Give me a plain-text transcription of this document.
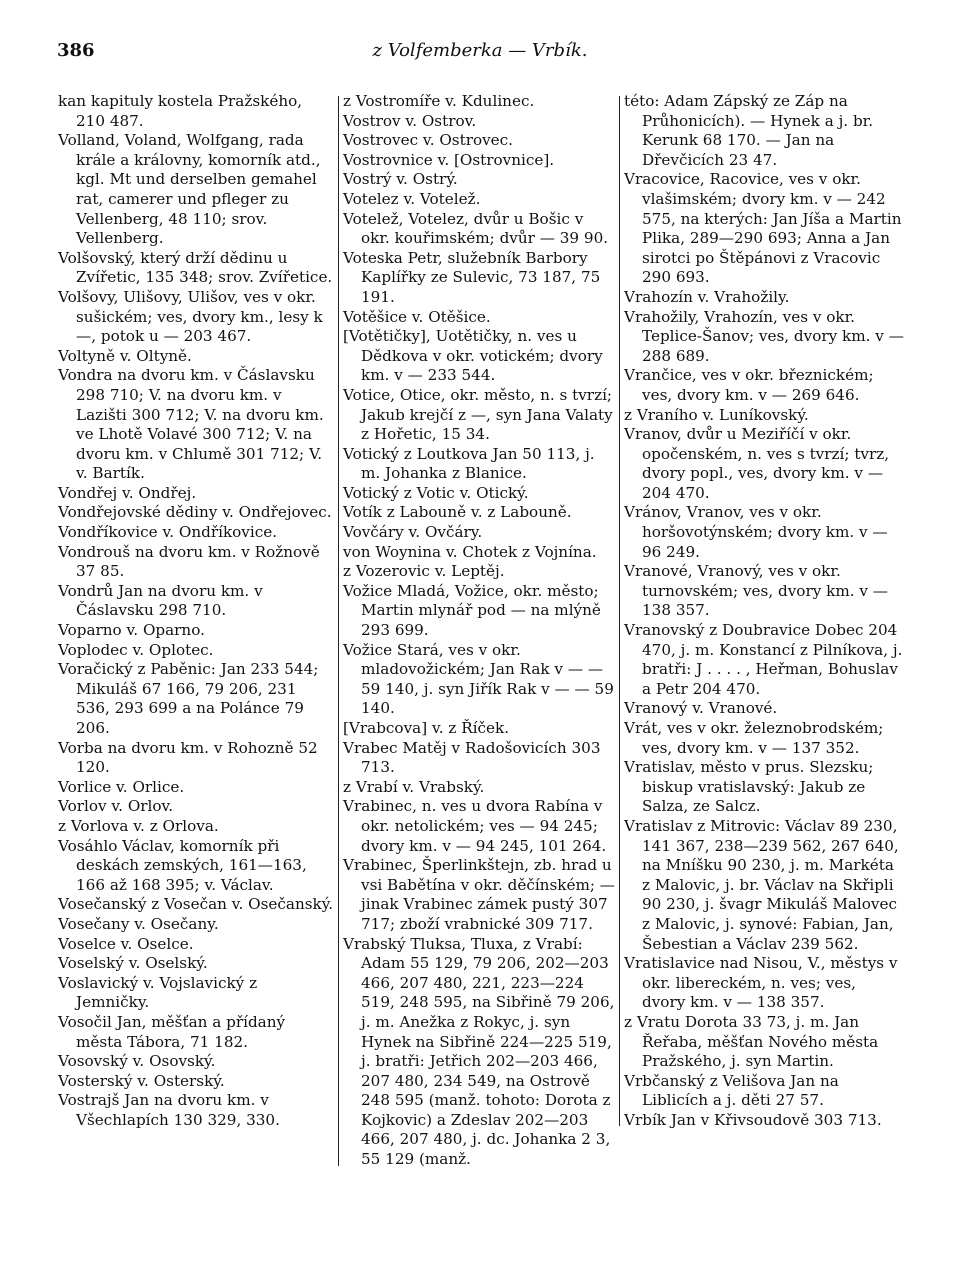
386	z Volfemberka — Vrbík.

kan kapituly kostela Pražského, 210 487.

Volland, Voland, Wolfgang, rada krále a královny, komorník atd., kgl. Mt und derselben gemahel rat, camerer und pfleger zu Vellenberg, 48 110; srov. Vellenberg.

Volšovský, který drží dědinu u Zvířetic, 135 348; srov. Zvířetice.

Volšovy, Ulišovy, Ulišov, ves v okr. sušickém; ves, dvory km., lesy k —, potok u — 203 467.

Voltyně v. Oltyně.

Vondra na dvoru km. v Čáslavsku 298 710; V. na dvoru km. v Lazišti 300 712; V. na dvoru km. ve Lhotě Volavé 300 712; V. na dvoru km. v Chlumě 301 712; V. v. Bartík.

Vondřej v. Ondřej.

Vondřejovské dědiny v. Ondřejovec.

Vondříkovice v. Ondříkovice.

Vondrouš na dvoru km. v Rožnově 37 85.

Vondrů Jan na dvoru km. v Čáslavsku 298 710.

Voparno v. Oparno.

Voplodec v. Oplotec.

Voračický z Paběnic: Jan 233 544; Mikuláš 67 166, 79 206, 231 536, 293 699 a na Polánce 79 206.

Vorba na dvoru km. v Rohozně 52 120.

Vorlice v. Orlice.

Vorlov v. Orlov.

z Vorlova v. z Orlova.

Vosáhlo Václav, komorník při deskách zemských, 161—163, 166 až 168 395; v. Václav.

Vosečanský z Vosečan v. Osečanský.

Vosečany v. Osečany.

Voselce v. Oselce.

Voselský v. Oselský.

Voslavický v. Vojslavický z Jemničky.

Vosočil Jan, měšťan a přídaný města Tábora, 71 182.

Vosovský v. Osovský.

Vosterský v. Osterský.

Vostrajš Jan na dvoru km. v Všechlapích 130 329, 330.

z Vostromíře v. Kdulinec.

Vostrov v. Ostrov.

Vostrovec v. Ostrovec.

Vostrovnice v. [Ostrovnice].

Vostrý v. Ostrý.

Votelez v. Votelež.

Votelež, Votelez, dvůr u Bošic v okr. kouřimském; dvůr — 39 90.

Voteska Petr, služebník Barbory Kaplířky ze Sulevic, 73 187, 75 191.

Votěšice v. Otěšice.

[Votětičky], Uotětičky, n. ves u Dědkova v okr. votickém; dvory km. v — 233 544.

Votice, Otice, okr. město, n. s tvrzí; Jakub krejčí z —, syn Jana Valaty z Hořetic, 15 34.

Votický z Loutkova Jan 50 113, j. m. Johanka z Blanice.

Votický z Votic v. Otický.

Votík z Labouně v. z Labouně.

Vovčáry v. Ovčáry.

von Woynina v. Chotek z Vojnína.

z Vozerovic v. Leptěj.

Vožice Mladá, Vožice, okr. město; Martin mlynář pod — na mlýně 293 699.

Vožice Stará, ves v okr. mladovožickém; Jan Rak v — — 59 140, j. syn Jiřík Rak v — — 59 140.

[Vrabcova] v. z Říček.

Vrabec Matěj v Radošovicích 303 713.

z Vrabí v. Vrabský.

Vrabinec, n. ves u dvora Rabína v okr. netolickém; ves — 94 245; dvory km. v — 94 245, 101 264.

Vrabinec, Šperlinkštejn, zb. hrad u vsi Babětína v okr. děčínském; — jinak Vrabinec zámek pustý 307 717; zboží vrabnické 309 717.

Vrabský Tluksa, Tluxa, z Vrabí: Adam 55 129, 79 206, 202—203 466, 207 480, 221, 223—224 519, 248 595, na Sibřině 79 206, j. m. Anežka z Rokyc, j. syn Hynek na Sibřině 224—225 519, j. bratři: Jetřich 202—203 466, 207 480, 234 549, na Ostrově 248 595 (manž. tohoto: Dorota z Kojkovic) a Zdeslav 202—203 466, 207 480, j. dc. Johanka 2 3, 55 129 (manž.

této: Adam Zápský ze Záp na Průhonicích). — Hynek a j. br. Kerunk 68 170. — Jan na Dřevčicích 23 47.

Vracovice, Racovice, ves v okr. vlašimském; dvory km. v — 242 575, na kterých: Jan Jíša a Martin Plika, 289—290 693; Anna a Jan sirotci po Štěpánovi z Vracovic 290 693.

Vrahozín v. Vrahožily.

Vrahožily, Vrahozín, ves v okr. Teplice-Šanov; ves, dvory km. v — 288 689.

Vrančice, ves v okr. březnickém; ves, dvory km. v — 269 646.

z Vraního v. Luníkovský.

Vranov, dvůr u Meziříčí v okr. opočenském, n. ves s tvrzí; tvrz, dvory popl., ves, dvory km. v — 204 470.

Vránov, Vranov, ves v okr. horšovotýnském; dvory km. v — 96 249.

Vranové, Vranový, ves v okr. turnovském; ves, dvory km. v — 138 357.

Vranovský z Doubravice Dobec 204 470, j. m. Konstancí z Pilníkova, j. bratři: J . . . . , Heřman, Bohuslav a Petr 204 470.

Vranový v. Vranové.

Vrát, ves v okr. železnobrodském; ves, dvory km. v — 137 352.

Vratislav, město v prus. Slezsku; biskup vratislavský: Jakub ze Salza, ze Salcz.

Vratislav z Mitrovic: Václav 89 230, 141 367, 238—239 562, 267 640, na Mníšku 90 230, j. m. Markéta z Malovic, j. br. Václav na Skřipli 90 230, j. švagr Mikuláš Malovec z Malovic, j. synové: Fabian, Jan, Šebestian a Václav 239 562.

Vratislavice nad Nisou, V., městys v okr. libereckém, n. ves; ves, dvory km. v — 138 357.

z Vratu Dorota 33 73, j. m. Jan Řeřaba, měšťan Nového města Pražského, j. syn Martin.

Vrbčanský z Velišova Jan na Liblicích a j. děti 27 57.

Vrbík Jan v Křivsoudově 303 713.
